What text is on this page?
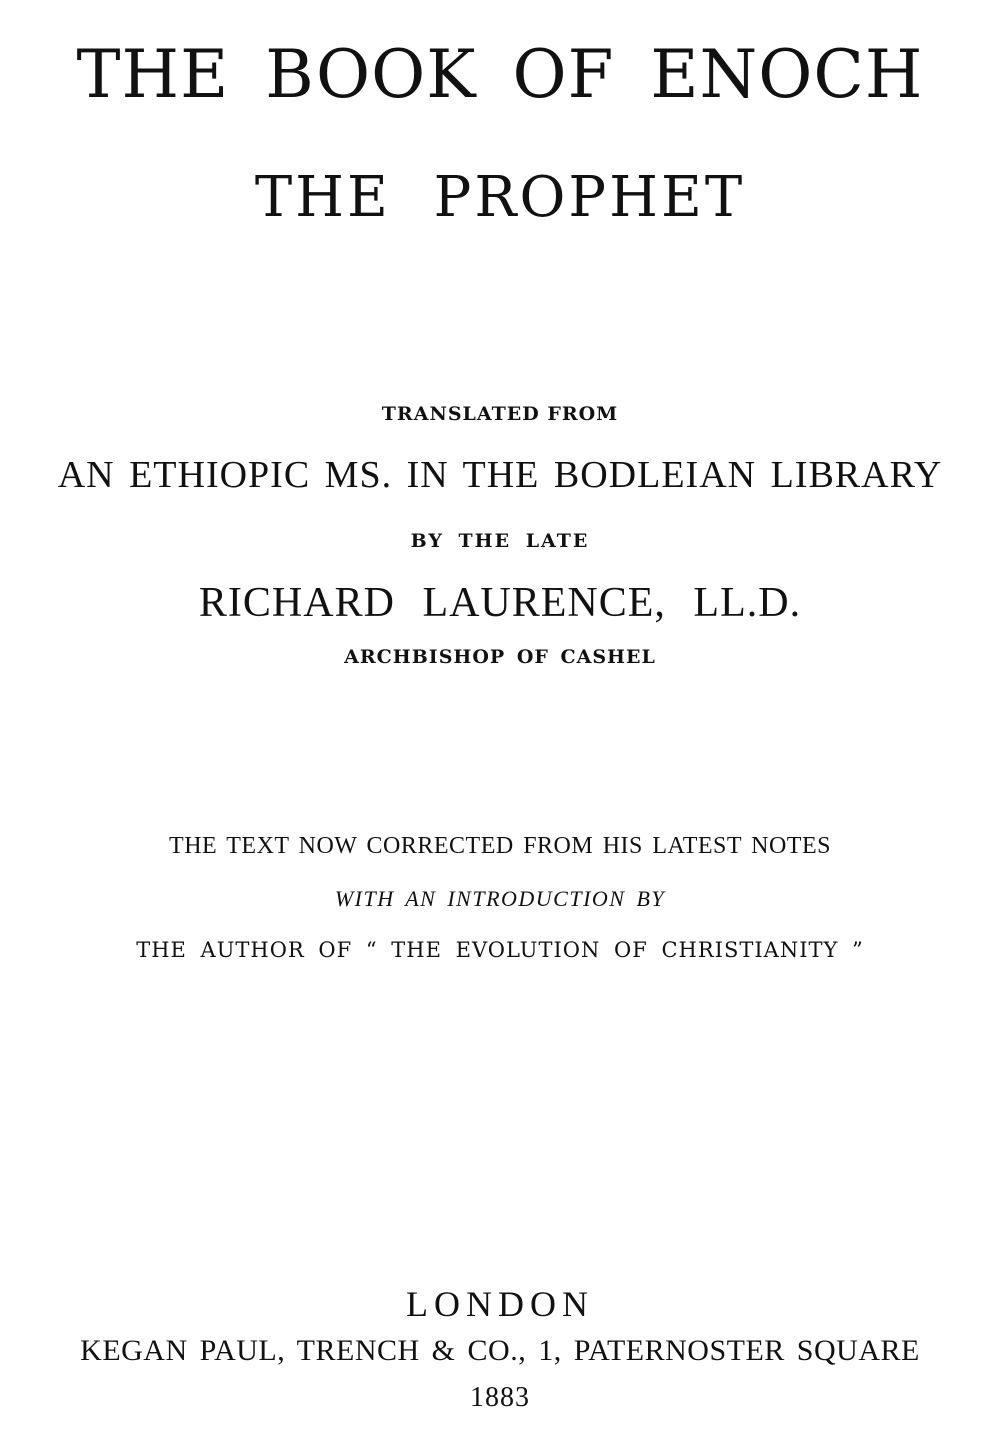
THE BOOK OF ENOCH
THE PROPHET
TRANSLATED FROM
AN ETHIOPIC MS. IN THE BODLEIAN LIBRARY
BY THE LATE
RICHARD LAURENCE, LL.D.
ARCHBISHOP OF CASHEL
THE TEXT NOW CORRECTED FROM HIS LATEST NOTES
WITH AN INTRODUCTION BY
THE AUTHOR OF “ THE EVOLUTION OF CHRISTIANITY ”
LONDON
KEGAN PAUL, TRENCH & CO., 1, PATERNOSTER SQUARE
1883
